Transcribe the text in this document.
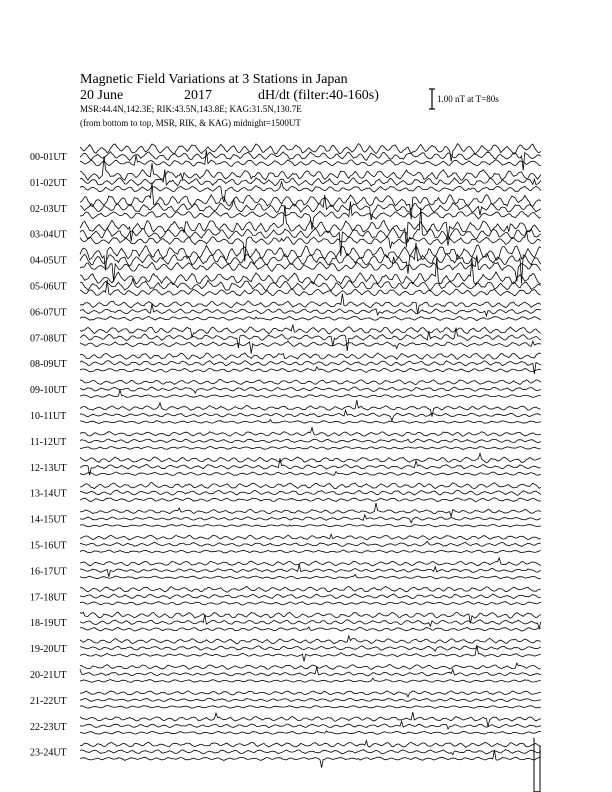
Magnetic Field Variations at 3 Stations in Japan
20 June	2017	dH/dt (filter:40-160s)
MSR:44.4N,142.3E; RIK:43.5N,143.8E; KAG:31.5N,130.7E
(from bottom to top, MSR, RIK, & KAG) midnight=1500UT
1.00 nT at T=80s
00-01UT
01-02UT
02-03UT
03-04UT
04-05UT
05-06UT
06-07UT
07-08UT
08-09UT
09-10UT
10-11UT
11-12UT
12-13UT
13-14UT
14-15UT
15-16UT
16-17UT
17-18UT
18-19UT
19-20UT
20-21UT
21-22UT
22-23UT
23-24UT
